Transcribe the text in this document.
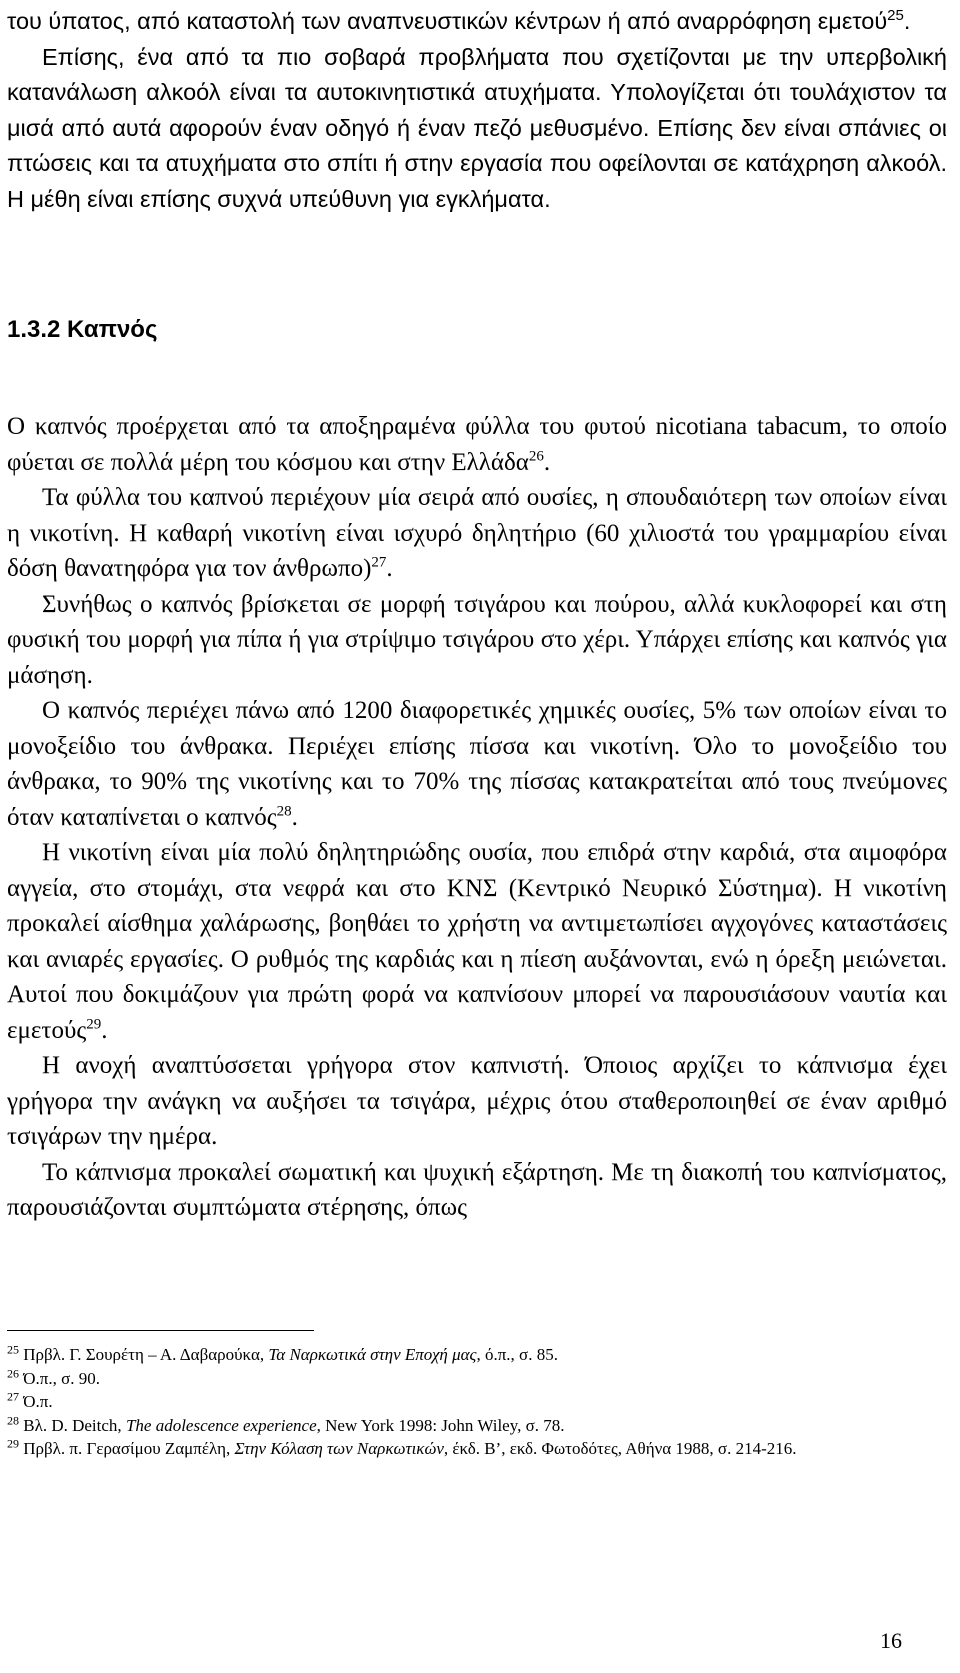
του ύπατος, από καταστολή των αναπνευστικών κέντρων ή από αναρρόφηση εμετού$^{25}$.

Επίσης, ένα από τα πιο σοβαρά προβλήματα που σχετίζονται με την υπερβολική κατανάλωση αλκοόλ είναι τα αυτοκινητιστικά ατυχήματα. Υπολογίζεται ότι τουλάχιστον τα μισά από αυτά αφορούν έναν οδηγό ή έναν πεζό μεθυσμένο. Επίσης δεν είναι σπάνιες οι πτώσεις και τα ατυχήματα στο σπίτι ή στην εργασία που οφείλονται σε κατάχρηση αλκοόλ. Η μέθη είναι επίσης συχνά υπεύθυνη για εγκλήματα.

1.3.2 Καπνός

Ο καπνός προέρχεται από τα αποξηραμένα φύλλα του φυτού nicotiana tabacum, το οποίο φύεται σε πολλά μέρη του κόσμου και στην Ελλάδα$^{26}$.

Τα φύλλα του καπνού περιέχουν μία σειρά από ουσίες, η σπουδαιότερη των οποίων είναι η νικοτίνη. Η καθαρή νικοτίνη είναι ισχυρό δηλητήριο (60 χιλιοστά του γραμμαρίου είναι δόση θανατηφόρα για τον άνθρωπο)$^{27}$.

Συνήθως ο καπνός βρίσκεται σε μορφή τσιγάρου και πούρου, αλλά κυκλοφορεί και στη φυσική του μορφή για πίπα ή για στρίψιμο τσιγάρου στο χέρι. Υπάρχει επίσης και καπνός για μάσηση.

Ο καπνός περιέχει πάνω από 1200 διαφορετικές χημικές ουσίες, 5% των οποίων είναι το μονοξείδιο του άνθρακα. Περιέχει επίσης πίσσα και νικοτίνη. Όλο το μονοξείδιο του άνθρακα, το 90% της νικοτίνης και το 70% της πίσσας κατακρατείται από τους πνεύμονες όταν καταπίνεται ο καπνός$^{28}$.

Η νικοτίνη είναι μία πολύ δηλητηριώδης ουσία, που επιδρά στην καρδιά, στα αιμοφόρα αγγεία, στο στομάχι, στα νεφρά και στο ΚΝΣ (Κεντρικό Νευρικό Σύστημα). Η νικοτίνη προκαλεί αίσθημα χαλάρωσης, βοηθάει το χρήστη να αντιμετωπίσει αγχογόνες καταστάσεις και ανιαρές εργασίες. Ο ρυθμός της καρδιάς και η πίεση αυξάνονται, ενώ η όρεξη μειώνεται. Αυτοί που δοκιμάζουν για πρώτη φορά να καπνίσουν μπορεί να παρουσιάσουν ναυτία και εμετούς$^{29}$.

Η ανοχή αναπτύσσεται γρήγορα στον καπνιστή. Όποιος αρχίζει το κάπνισμα έχει γρήγορα την ανάγκη να αυξήσει τα τσιγάρα, μέχρις ότου σταθεροποιηθεί σε έναν αριθμό τσιγάρων την ημέρα.

Το κάπνισμα προκαλεί σωματική και ψυχική εξάρτηση. Με τη διακοπή του καπνίσματος, παρουσιάζονται συμπτώματα στέρησης, όπως

$^{25}$ Πρβλ. Γ. Σουρέτη – Α. Δαβαρούκα, Τα Ναρκωτικά στην Εποχή μας, ό.π., σ. 85.

$^{26}$ Ό.π., σ. 90.

$^{27}$ Ό.π.

$^{28}$ Βλ. D. Deitch, The adolescence experience, New York 1998: John Wiley, σ. 78.

$^{29}$ Πρβλ. π. Γερασίμου Ζαμπέλη, Στην Κόλαση των Ναρκωτικών, έκδ. Β’, εκδ. Φωτοδότες, Αθήνα 1988, σ. 214-216.

16
